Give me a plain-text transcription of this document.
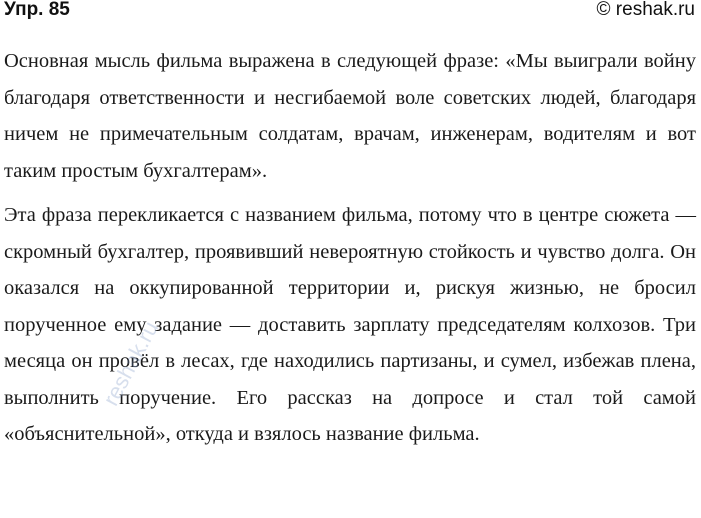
Упр. 85	© reshak.ru

Основная мысль фильма выражена в следующей фразе: «Мы выиграли войну благодаря ответственности и несгибаемой воле советских людей, благодаря ничем не примечательным солдатам, врачам, инженерам, водителям и вот таким простым бухгалтерам».

Эта фраза перекликается с названием фильма, потому что в центре сюжета — скромный бухгалтер, проявивший невероятную стойкость и чувство долга. Он оказался на оккупированной территории и, рискуя жизнью, не бросил порученное ему задание — доставить зарплату председателям колхозов. Три месяца он провёл в лесах, где находились партизаны, и сумел, избежав плена, выполнить поручение. Его рассказ на допросе и стал той самой «объяснительной», откуда и взялось название фильма.

reshak.ru
